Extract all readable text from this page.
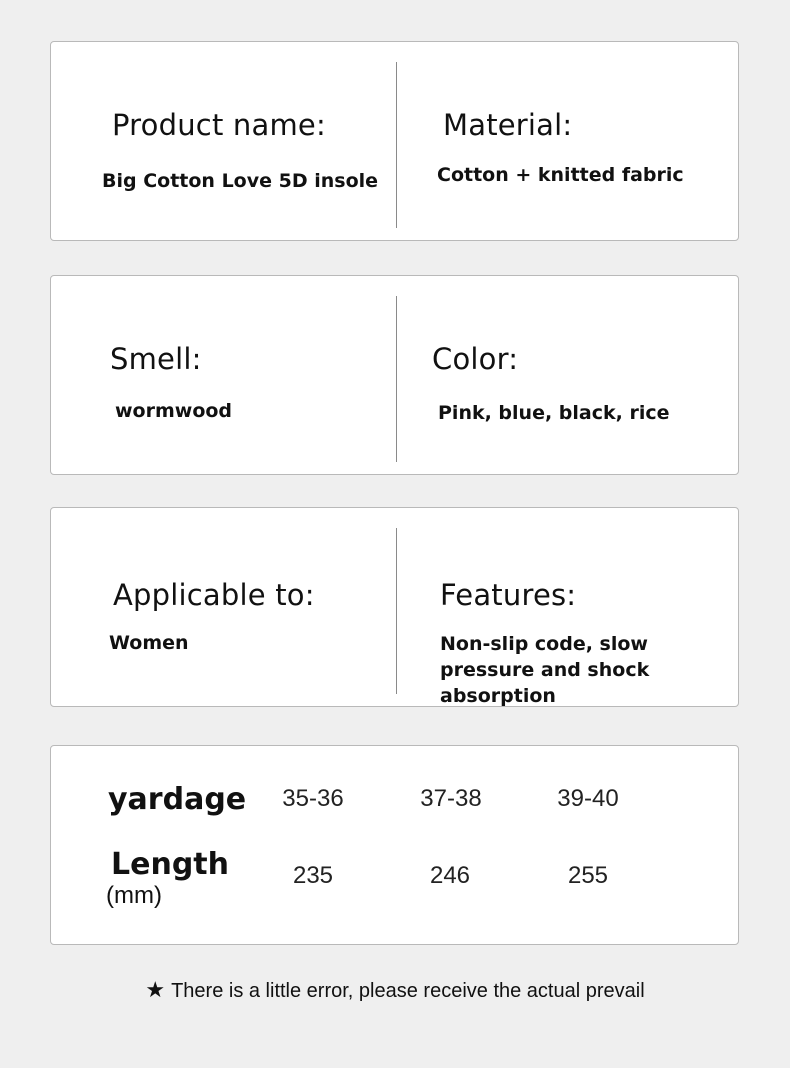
Product name:
Big Cotton Love 5D insole
Material:
Cotton + knitted fabric
Smell:
wormwood
Color:
Pink, blue, black, rice
Applicable to:
Women
Features:
Non-slip code, slow pressure and shock absorption
yardage	35-36	37-38	39-40
Length
(mm)
235	246	255
★ There is a little error, please receive the actual prevail
